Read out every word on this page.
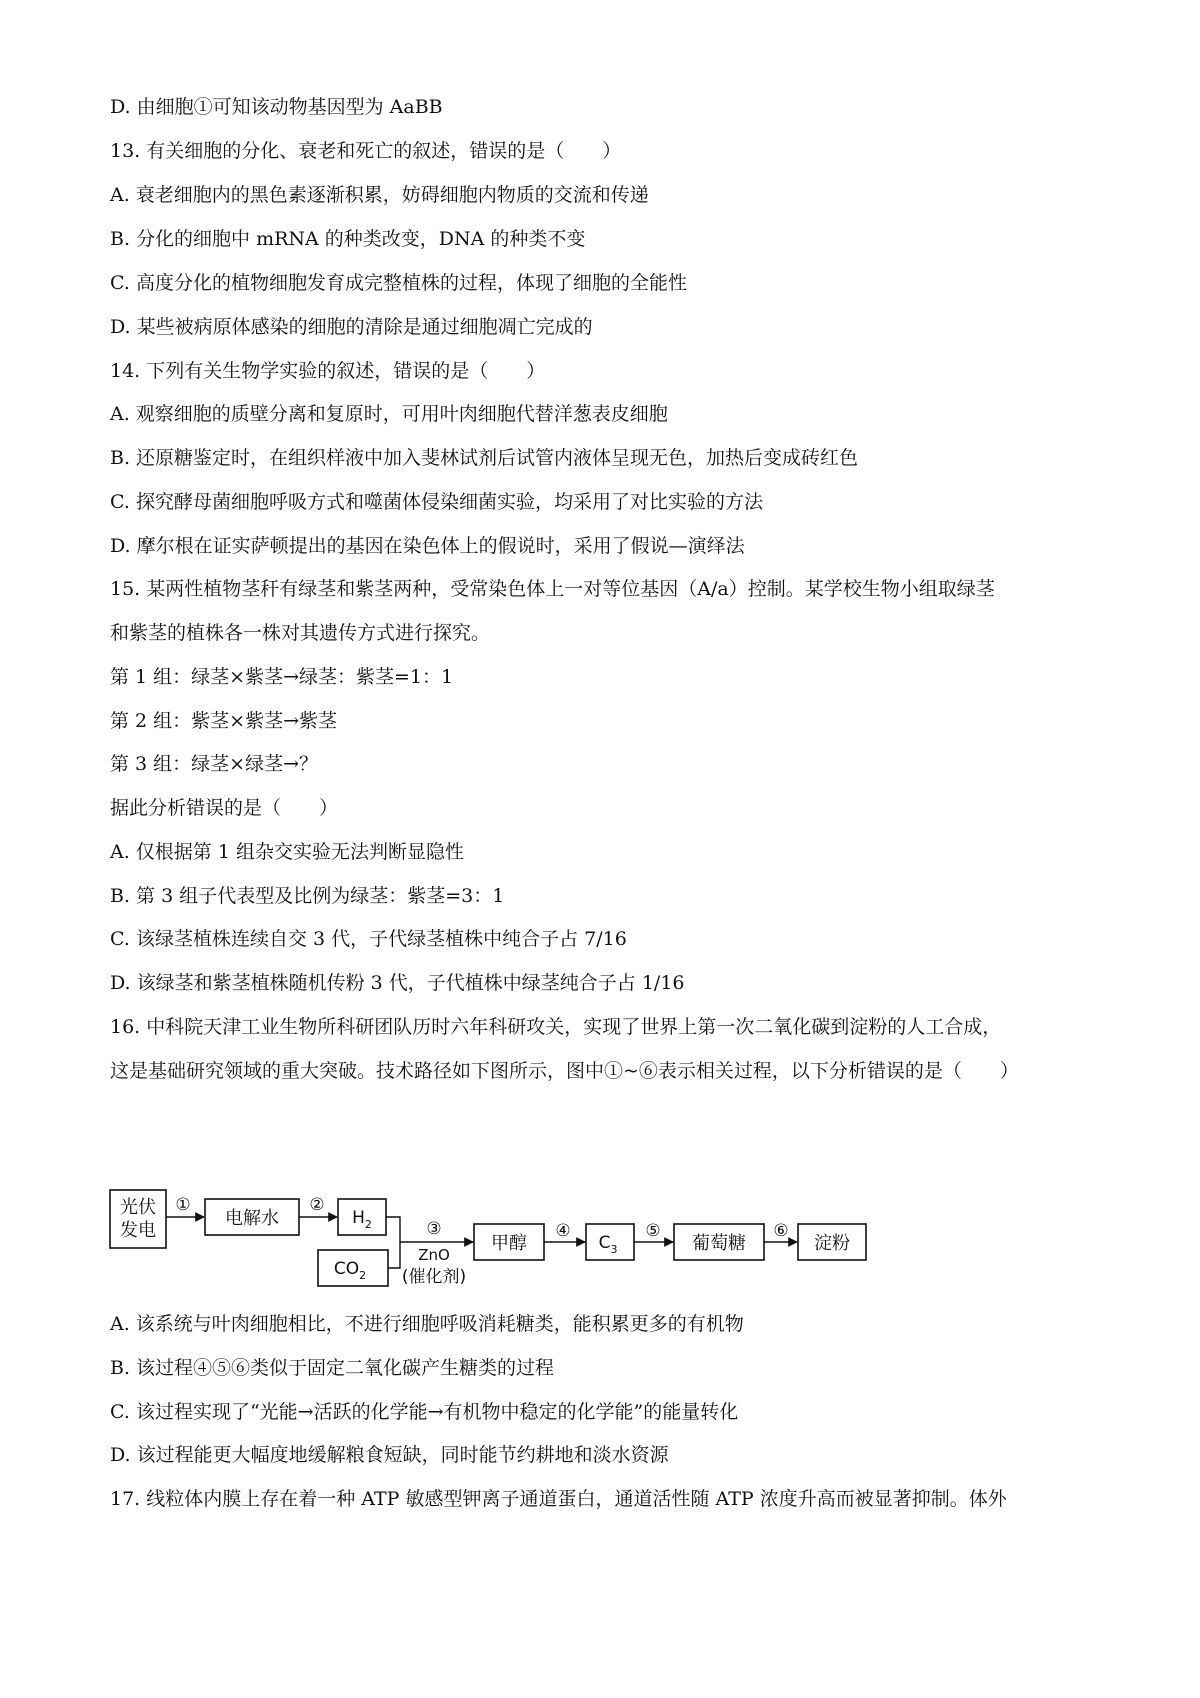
D. 由细胞①可知该动物基因型为 AaBB
13. 有关细胞的分化、衰老和死亡的叙述，错误的是（　　）
A. 衰老细胞内的黑色素逐渐积累，妨碍细胞内物质的交流和传递
B. 分化的细胞中 mRNA 的种类改变，DNA 的种类不变
C. 高度分化的植物细胞发育成完整植株的过程，体现了细胞的全能性
D. 某些被病原体感染的细胞的清除是通过细胞凋亡完成的
14. 下列有关生物学实验的叙述，错误的是（　　）
A. 观察细胞的质壁分离和复原时，可用叶肉细胞代替洋葱表皮细胞
B. 还原糖鉴定时，在组织样液中加入斐林试剂后试管内液体呈现无色，加热后变成砖红色
C. 探究酵母菌细胞呼吸方式和噬菌体侵染细菌实验，均采用了对比实验的方法
D. 摩尔根在证实萨顿提出的基因在染色体上的假说时，采用了假说—演绎法
15. 某两性植物茎秆有绿茎和紫茎两种，受常染色体上一对等位基因（A/a）控制。某学校生物小组取绿茎
和紫茎的植株各一株对其遗传方式进行探究。
第 1 组：绿茎×紫茎→绿茎：紫茎=1：1
第 2 组：紫茎×紫茎→紫茎
第 3 组：绿茎×绿茎→？
据此分析错误的是（　　）
A. 仅根据第 1 组杂交实验无法判断显隐性
B. 第 3 组子代表型及比例为绿茎：紫茎=3：1
C. 该绿茎植株连续自交 3 代，子代绿茎植株中纯合子占 7/16
D. 该绿茎和紫茎植株随机传粉 3 代，子代植株中绿茎纯合子占 1/16
16. 中科院天津工业生物所科研团队历时六年科研攻关，实现了世界上第一次二氧化碳到淀粉的人工合成，
这是基础研究领域的重大突破。技术路径如下图所示，图中①~⑥表示相关过程，以下分析错误的是（　　）
光伏
发电
电解水	$H_2$
$CO_2$
甲醇	$C_3$	葡萄糖	淀粉
①	②
③
ZnO
(催化剂)
④	⑤	⑥
A. 该系统与叶肉细胞相比，不进行细胞呼吸消耗糖类，能积累更多的有机物
B. 该过程④⑤⑥类似于固定二氧化碳产生糖类的过程
C. 该过程实现了“光能→活跃的化学能→有机物中稳定的化学能”的能量转化
D. 该过程能更大幅度地缓解粮食短缺，同时能节约耕地和淡水资源
17. 线粒体内膜上存在着一种 ATP 敏感型钾离子通道蛋白，通道活性随 ATP 浓度升高而被显著抑制。体外
